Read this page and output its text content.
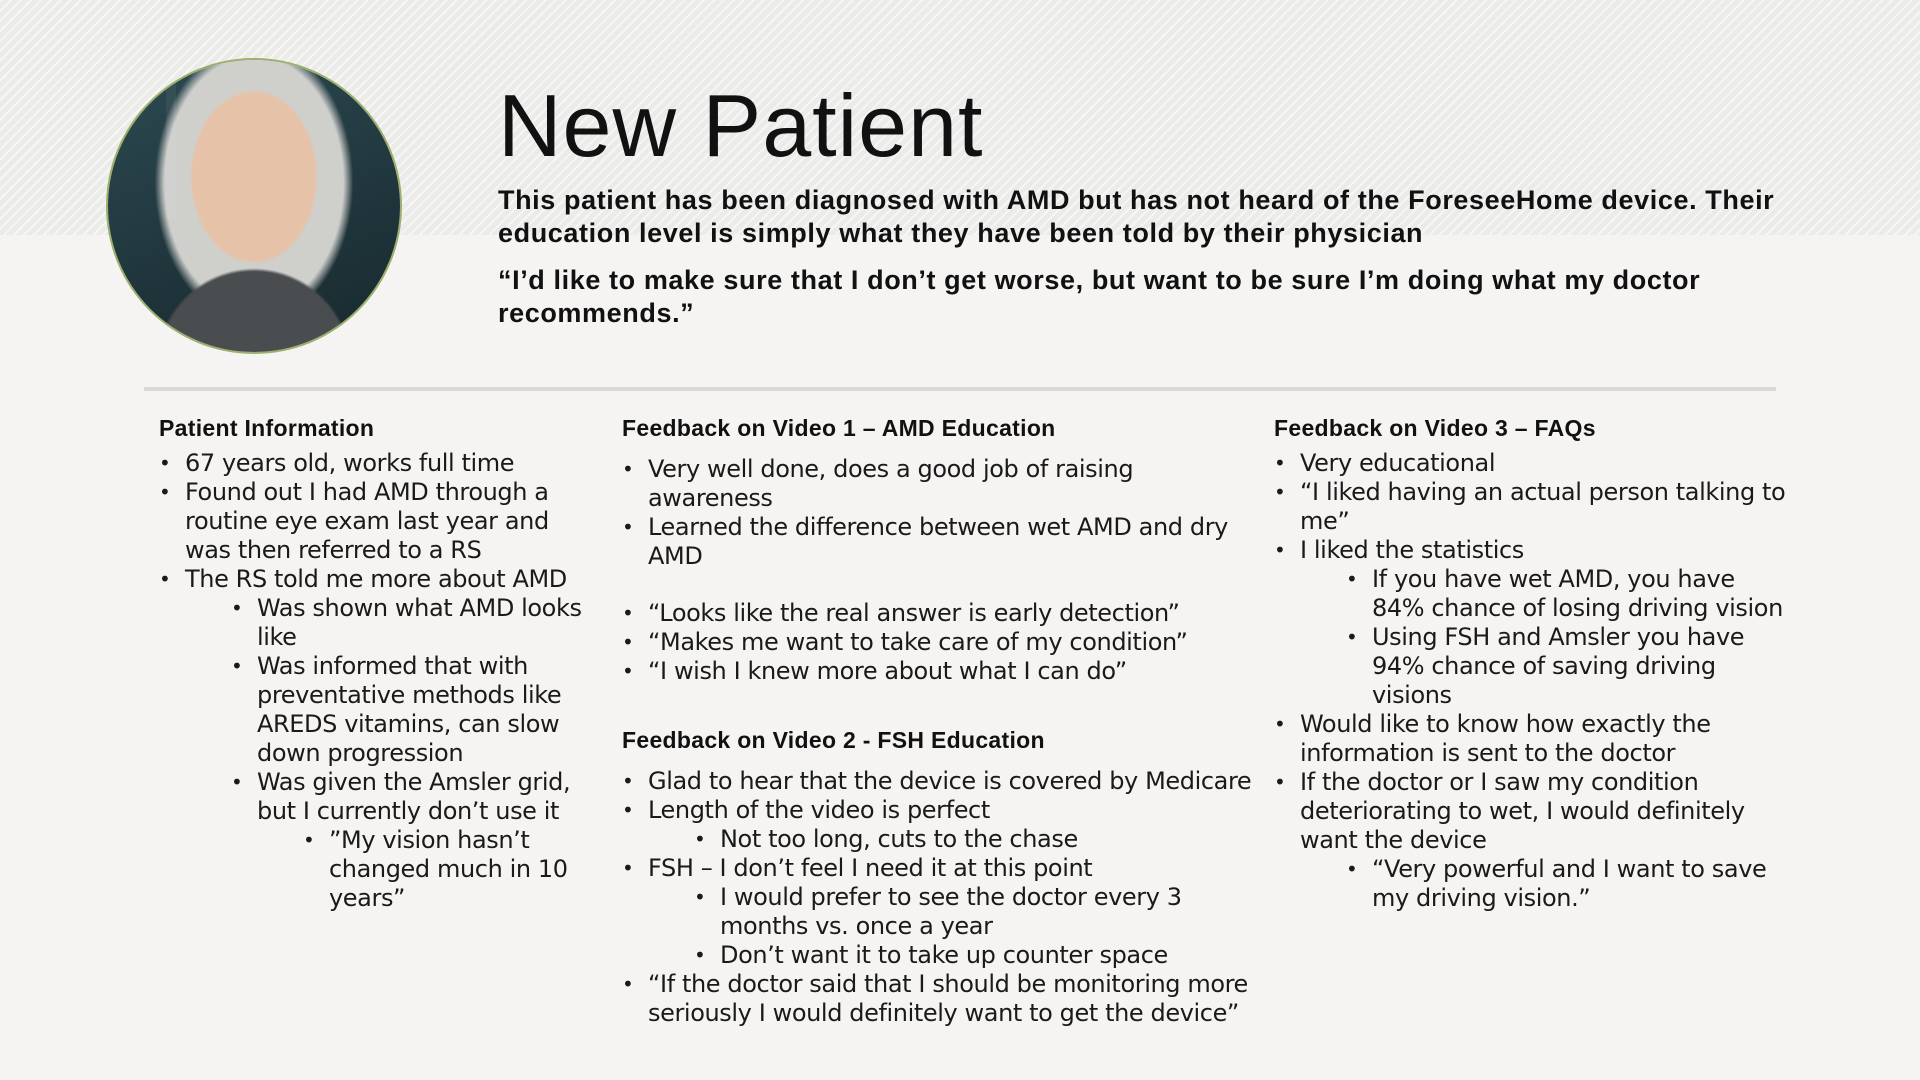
New Patient

This patient has been diagnosed with AMD but has not heard of the ForeseeHome device. Their education level is simply what they have been told by their physician

“I’d like to make sure that I don’t get worse, but want to be sure I’m doing what my doctor recommends.”

Patient Information
• 67 years old, works full time
• Found out I had AMD through a routine eye exam last year and was then referred to a RS
• The RS told me more about AMD
• Was shown what AMD looks like
• Was informed that with preventative methods like AREDS vitamins, can slow down progression
• Was given the Amsler grid, but I currently don’t use it
• ”My vision hasn’t changed much in 10 years”
Feedback on Video 1 – AMD Education
• Very well done, does a good job of raising awareness
• Learned the difference between wet AMD and dry AMD
• “Looks like the real answer is early detection”
• “Makes me want to take care of my condition”
• “I wish I knew more about what I can do”
Feedback on Video 2 - FSH Education
• Glad to hear that the device is covered by Medicare
• Length of the video is perfect
• Not too long, cuts to the chase
• FSH – I don’t feel I need it at this point
• I would prefer to see the doctor every 3 months vs. once a year
• Don’t want it to take up counter space
• “If the doctor said that I should be monitoring more seriously I would definitely want to get the device”
Feedback on Video 3 – FAQs
• Very educational
• “I liked having an actual person talking to me”
• I liked the statistics
• If you have wet AMD, you have 84% chance of losing driving vision
• Using FSH and Amsler you have 94% chance of saving driving visions
• Would like to know how exactly the information is sent to the doctor
• If the doctor or I saw my condition deteriorating to wet, I would definitely want the device
• “Very powerful and I want to save my driving vision.”
